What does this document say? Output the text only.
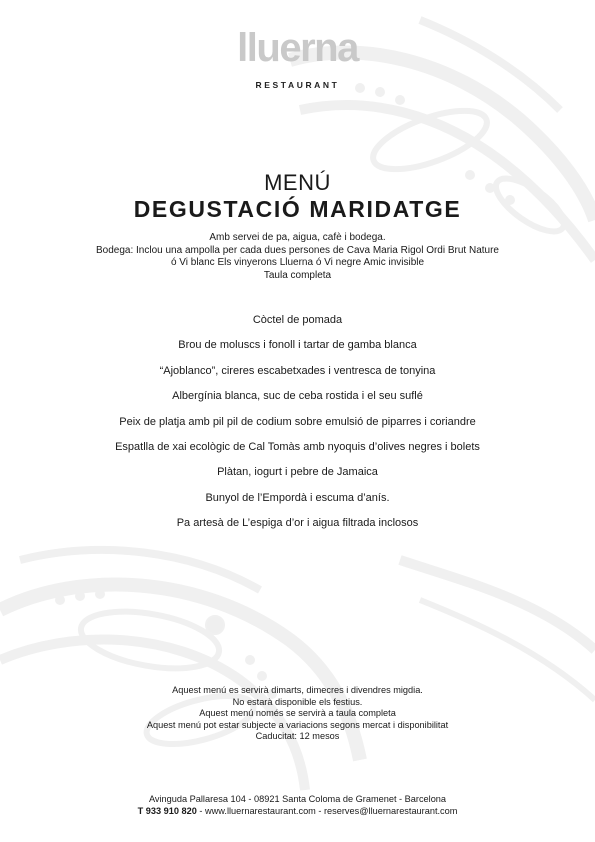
lluerna
RESTAURANT
MENÚ
DEGUSTACIÓ MARIDATGE
Amb servei de pa, aigua, cafè i bodega.
Bodega: Inclou una ampolla per cada dues persones de Cava Maria Rigol Ordi Brut Nature
ó Vi blanc Els vinyerons Lluerna ó Vi negre Amic invisible
Taula completa
Còctel de pomada
Brou de moluscs i fonoll i tartar de gamba blanca
“Ajoblanco”, cireres escabetxades i ventresca de tonyina
Albergínia blanca, suc de ceba rostida i el seu suflé
Peix de platja amb pil pil de codium sobre emulsió de piparres i coriandre
Espatlla de xai ecològic de Cal Tomàs amb nyoquis d’olives negres i bolets
Plàtan, iogurt i pebre de Jamaica
Bunyol de l’Empordà i escuma d’anís.
Pa artesà de L’espiga d’or i aigua filtrada inclosos
Aquest menú es servirà dimarts, dimecres i divendres migdia.
No estarà disponible els festius.
Aquest menú només se servirà a taula completa
Aquest menú pot estar subjecte a variacions segons mercat i disponibilitat
Caducitat: 12 mesos
Avinguda Pallaresa 104 - 08921 Santa Coloma de Gramenet - Barcelona
T 933 910 820 - www.lluernarestaurant.com - reserves@lluernarestaurant.com
